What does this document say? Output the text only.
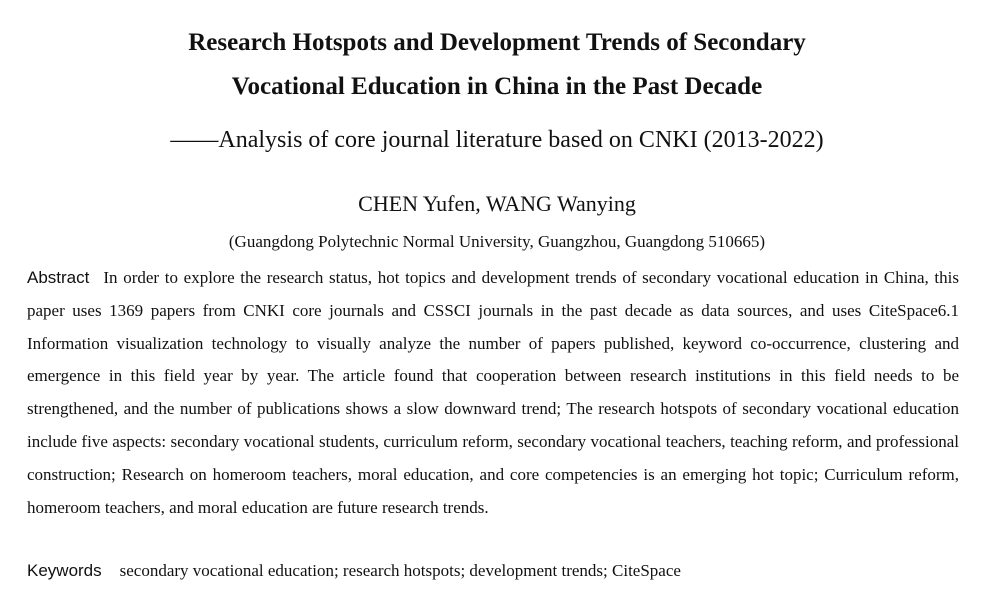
Research Hotspots and Development Trends of Secondary
Vocational Education in China in the Past Decade
——Analysis of core journal literature based on CNKI (2013-2022)
CHEN Yufen, WANG Wanying
(Guangdong Polytechnic Normal University, Guangzhou, Guangdong 510665)
Abstract In order to explore the research status, hot topics and development trends of secondary vocational education in China, this paper uses 1369 papers from CNKI core journals and CSSCI journals in the past decade as data sources, and uses CiteSpace6.1 Information visualization technology to visually analyze the number of papers published, keyword co-occurrence, clustering and emergence in this field year by year. The article found that cooperation between research institutions in this field needs to be strengthened, and the number of publications shows a slow downward trend; The research hotspots of secondary vocational education include five aspects: secondary vocational students, curriculum reform, secondary vocational teachers, teaching reform, and professional construction; Research on homeroom teachers, moral education, and core competencies is an emerging hot topic; Curriculum reform, homeroom teachers, and moral education are future research trends.
Keywords secondary vocational education; research hotspots; development trends; CiteSpace
